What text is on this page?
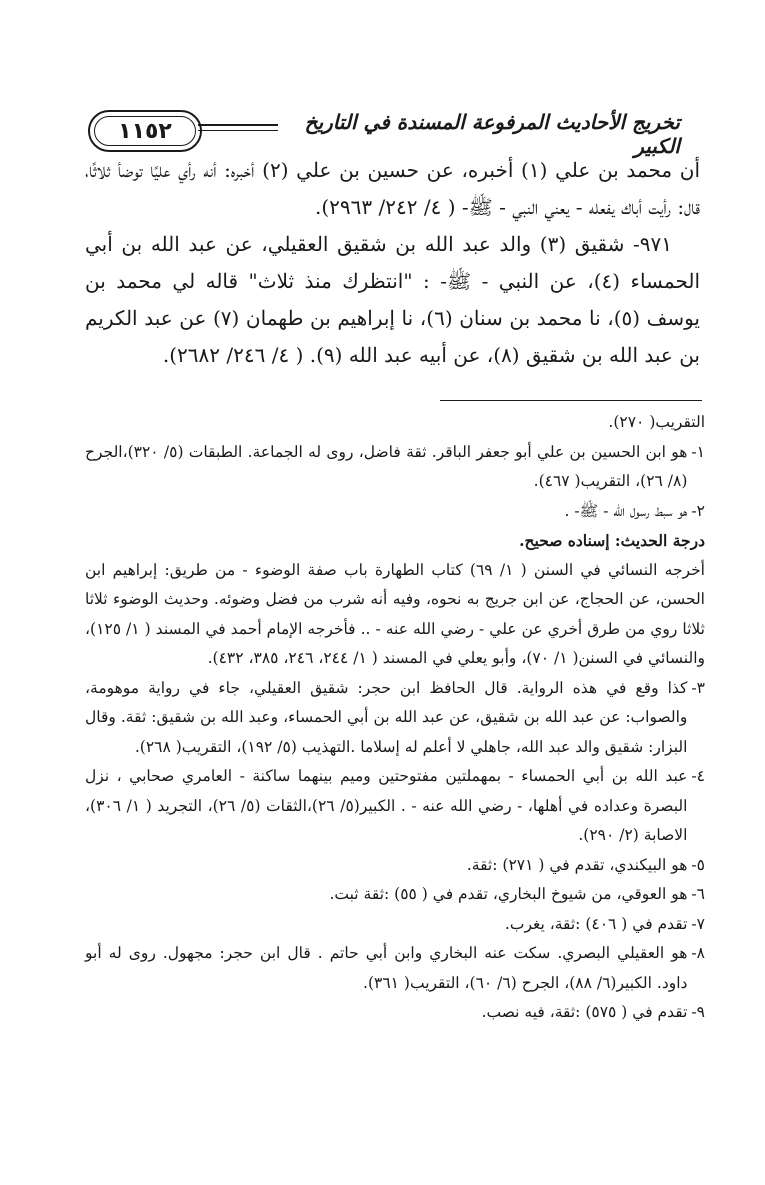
١١٥٢	تخريج الأحاديث المرفوعة المسندة في التاريخ الكبير

أن محمد بن علي (١) أخبره، عن حسين بن علي (٢) أخبره: أنه رأي عليًا توضأ ثلاثًا، قال: رأيت أباك يفعله - يعني النبي - ﷺ- ( ٤/ ٢٤٢/ ٢٩٦٣).

٩٧١- شقيق (٣) والد عبد الله بن شقيق العقيلي، عن عبد الله بن أبي الحمساء (٤)، عن النبي - ﷺ- : "انتظرك منذ ثلاث" قاله لي محمد بن يوسف (٥)، نا محمد بن سنان (٦)، نا إبراهيم بن طهمان (٧) عن عبد الكريم بن عبد الله بن شقيق (٨)، عن أبيه عبد الله (٩). ( ٤/ ٢٤٦/ ٢٦٨٢).

التقريب( ٢٧٠).

١-
هو ابن الحسين بن علي أبو جعفر الباقر. ثقة فاضل، روى له الجماعة. الطبقات (٥/ ٣٢٠)،الجرح (٨/ ٢٦)، التقريب( ٤٦٧).
٢-
هو سبط رسول الله - ﷺ- .

درجة الحديث: إسناده صحيح.

أخرجه النسائي في السنن ( ١/ ٦٩) كتاب الطهارة باب صفة الوضوء - من طريق: إبراهيم ابن الحسن، عن الحجاج، عن ابن جريج به نحوه، وفيه أنه شرب من فضل وضوئه. وحديث الوضوء ثلاثا ثلاثا روي من طرق أخري عن علي - رضي الله عنه - .. فأخرجه الإمام أحمد في المسند ( ١/ ١٢٥)، والنسائي في السنن( ١/ ٧٠)، وأبو يعلي في المسند ( ١/ ٢٤٤، ٢٤٦، ٣٨٥، ٤٣٢).

٣-
كذا وقع في هذه الرواية. قال الحافظ ابن حجر: شقيق العقيلي، جاء في رواية موهومة، والصواب: عن عبد الله بن شقيق، عن عبد الله بن أبي الحمساء، وعبد الله بن شقيق: ثقة. وقال البزار: شقيق والد عبد الله، جاهلي لا أعلم له إسلاما .التهذيب (٥/ ١٩٢)، التقريب( ٢٦٨).
٤-
عبد الله بن أبي الحمساء - بمهملتين مفتوحتين وميم بينهما ساكنة - العامري صحابي ، نزل البصرة وعداده في أهلها، - رضي الله عنه - . الكبير(٥/ ٢٦)،الثقات (٥/ ٢٦)، التجريد ( ١/ ٣٠٦)، الاصابة (٢/ ٢٩٠).
٥-
هو البيكندي، تقدم في ( ٢٧١) :ثقة.
٦-
هو العوقي، من شيوخ البخاري، تقدم في ( ٥٥) :ثقة ثبت.
٧-
تقدم في ( ٤٠٦) :ثقة، يغرب.
٨-
هو العقيلي البصري. سكت عنه البخاري وابن أبي حاتم . قال ابن حجر: مجهول. روى له أبو داود. الكبير(٦/ ٨٨)، الجرح (٦/ ٦٠)، التقريب( ٣٦١).
٩-
تقدم في ( ٥٧٥) :ثقة، فيه نصب.
